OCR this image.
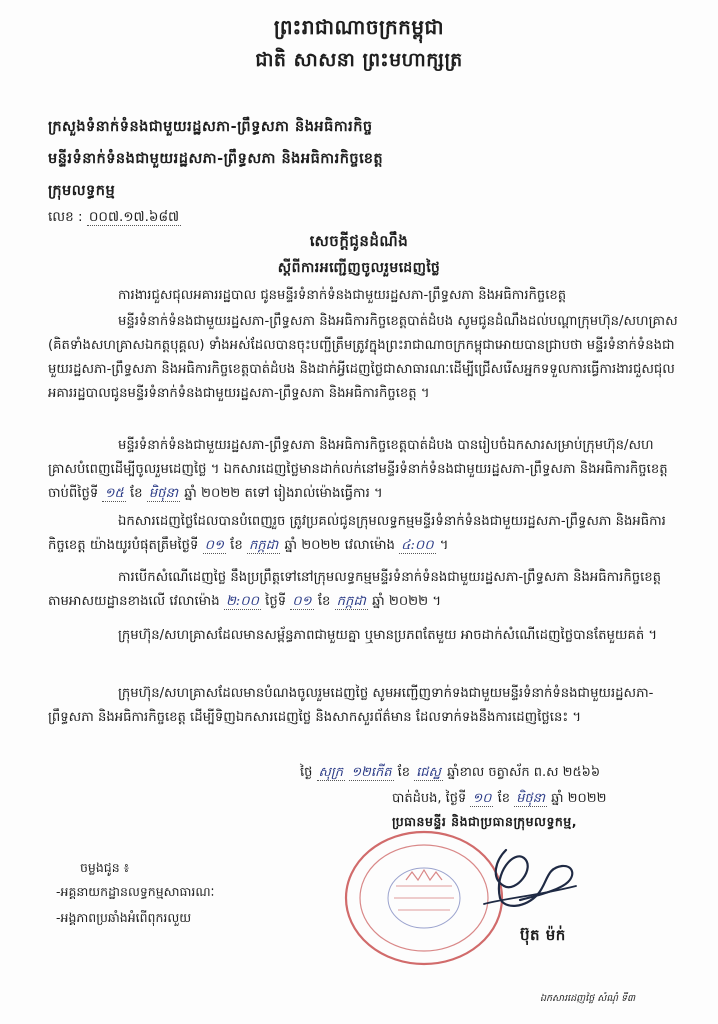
ព្រះរាជាណាចក្រកម្ពុជា
ជាតិ សាសនា ព្រះមហាក្សត្រ
ក្រសួងទំនាក់ទំនងជាមួយរដ្ឋសភា-ព្រឹទ្ធសភា និងអធិការកិច្ច
មន្ទីរទំនាក់ទំនងជាមួយរដ្ឋសភា-ព្រឹទ្ធសភា និងអធិការកិច្ចខេត្ត
ក្រុមលទ្ធកម្ម
លេខ : ០០៧.១៧.៦៨៧
សេចក្តីជូនដំណឹង
ស្តីពីការអញ្ជើញចូលរួមដេញថ្លៃ
ការងារជួសជុលអគាររដ្ឋបាល ជូនមន្ទីរទំនាក់ទំនងជាមួយរដ្ឋសភា-ព្រឹទ្ធសភា និងអធិការកិច្ចខេត្ត
មន្ទីរទំនាក់ទំនងជាមួយរដ្ឋសភា-ព្រឹទ្ធសភា និងអធិការកិច្ចខេត្តបាត់ដំបង សូមជូនដំណឹងដល់បណ្តាក្រុមហ៊ុន/សហគ្រាស (គិតទាំងសហគ្រាសឯកត្តបុគ្គល) ទាំងអស់ដែលបានចុះបញ្ជីត្រឹមត្រូវក្នុងព្រះរាជាណាចក្រកម្ពុជាអោយបានជ្រាបថា មន្ទីរទំនាក់ទំនងជាមួយរដ្ឋសភា-ព្រឹទ្ធសភា និងអធិការកិច្ចខេត្តបាត់ដំបង និងដាក់អ្វីដេញថ្លៃជាសាធារណៈដើម្បីជ្រើសរើសអ្នកទទួលការធ្វើការងារជួសជុលអគាររដ្ឋបាលជូនមន្ទីរទំនាក់ទំនងជាមួយរដ្ឋសភា-ព្រឹទ្ធសភា និងអធិការកិច្ចខេត្ត ។
មន្ទីរទំនាក់ទំនងជាមួយរដ្ឋសភា-ព្រឹទ្ធសភា និងអធិការកិច្ចខេត្តបាត់ដំបង បានរៀបចំឯកសារសម្រាប់ក្រុមហ៊ុន/សហគ្រាសបំពេញដើម្បីចូលរួមដេញថ្លៃ ។ ឯកសារដេញថ្លៃមានដាក់លក់នៅមន្ទីរទំនាក់ទំនងជាមួយរដ្ឋសភា-ព្រឹទ្ធសភា និងអធិការកិច្ចខេត្ត ចាប់ពីថ្ងៃទី ១៥ ខែ មិថុនា ឆ្នាំ ២០២២ តទៅ រៀងរាល់ម៉ោងធ្វើការ ។
ឯកសារដេញថ្លៃដែលបានបំពេញរួច ត្រូវប្រគល់ជូនក្រុមលទ្ធកម្មមន្ទីរទំនាក់ទំនងជាមួយរដ្ឋសភា-ព្រឹទ្ធសភា និងអធិការកិច្ចខេត្ត យ៉ាងយូរបំផុតត្រឹមថ្ងៃទី ០១ ខែ កក្កដា ឆ្នាំ ២០២២ វេលាម៉ោង ៤:០០ ។
ការបើកសំណើដេញថ្លៃ នឹងប្រព្រឹត្តទៅនៅក្រុមលទ្ធកម្មមន្ទីរទំនាក់ទំនងជាមួយរដ្ឋសភា-ព្រឹទ្ធសភា និងអធិការកិច្ចខេត្ត តាមអាសយដ្ឋានខាងលើ វេលាម៉ោង ២:០០ ថ្ងៃទី ០១ ខែ កក្កដា ឆ្នាំ ២០២២ ។
ក្រុមហ៊ុន/សហគ្រាសដែលមានសម្ព័ន្ធភាពជាមួយគ្នា ឬមានប្រភពតែមួយ អាចដាក់សំណើដេញថ្លៃបានតែមួយគត់ ។
ក្រុមហ៊ុន/សហគ្រាសដែលមានបំណងចូលរួមដេញថ្លៃ សូមអញ្ជើញទាក់ទងជាមួយមន្ទីរទំនាក់ទំនងជាមួយរដ្ឋសភា-ព្រឹទ្ធសភា និងអធិការកិច្ចខេត្ត ដើម្បីទិញឯកសារដេញថ្លៃ និងសាកសួរព័ត៌មាន ដែលទាក់ទងនឹងការដេញថ្លៃនេះ ។
ថ្ងៃ សុក្រ ១២កើត ខែ ជេស្ឋ ឆ្នាំខាល ចត្វាស័ក ព.ស ២៥៦៦
បាត់ដំបង, ថ្ងៃទី ១០ ខែ មិថុនា ឆ្នាំ ២០២២
ប្រធានមន្ទីរ និងជាប្រធានក្រុមលទ្ធកម្ម,
ប៊ុត ម៉ក់
ចម្លងជូន ៖
-អគ្គនាយកដ្ឋានលទ្ធកម្មសាធារណៈ
-អង្គភាពប្រឆាំងអំពើពុករលួយ
ឯកសារដេញថ្លៃ សំណុំ ទី៣
